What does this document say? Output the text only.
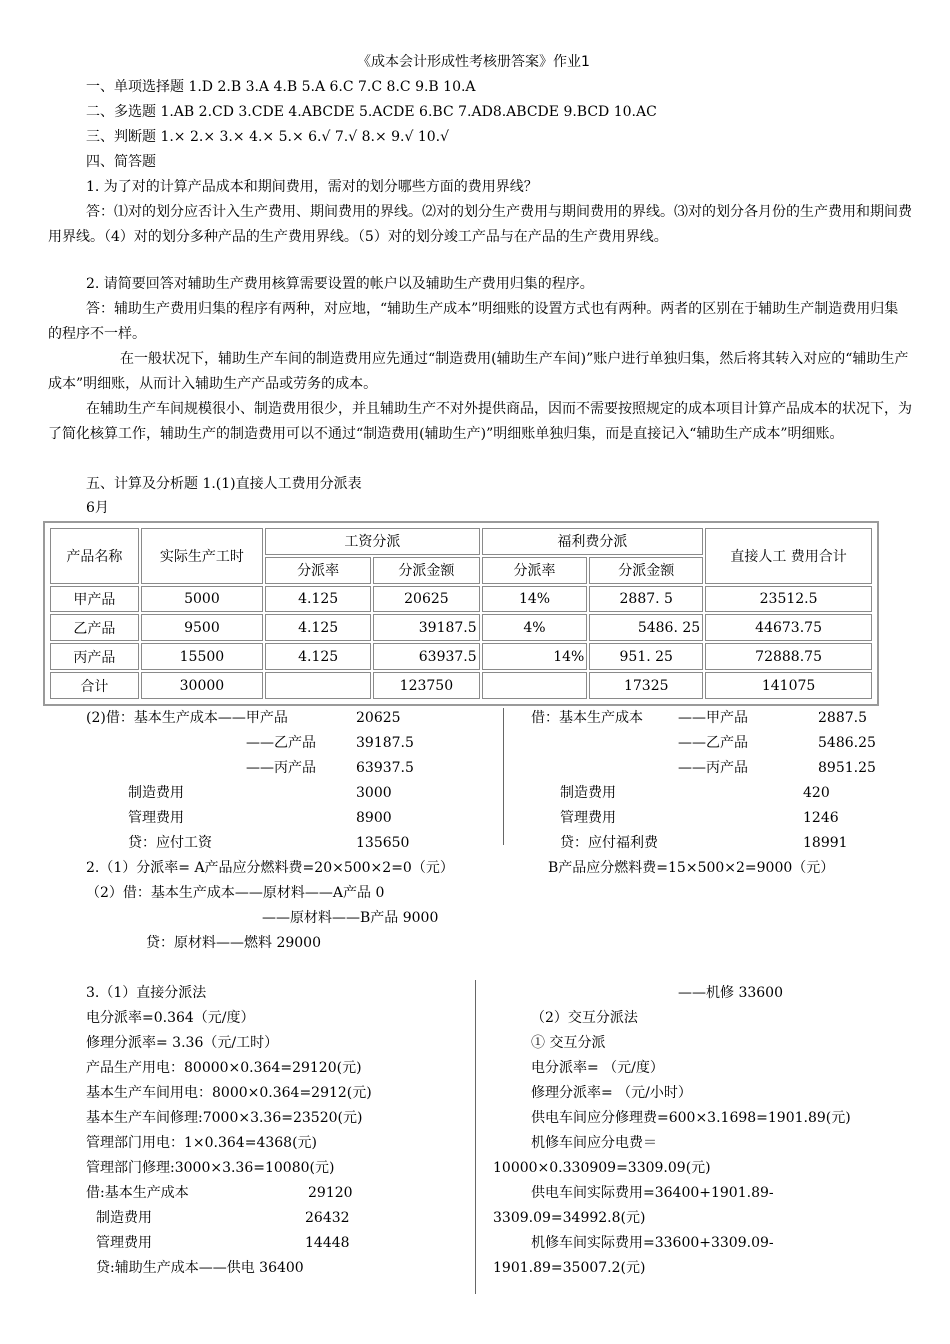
《成本会计形成性考核册答案》作业1
一、单项选择题 1.D 2.B 3.A 4.B 5.A 6.C 7.C 8.C 9.B 10.A
二、多选题 1.AB 2.CD 3.CDE 4.ABCDE 5.ACDE 6.BC 7.AD8.ABCDE 9.BCD 10.AC
三、判断题 1.× 2.× 3.× 4.× 5.× 6.√ 7.√ 8.× 9.√ 10.√
四、简答题
1. 为了对的计算产品成本和期间费用，需对的划分哪些方面的费用界线？
答：⑴对的划分应否计入生产费用、期间费用的界线。⑵对的划分生产费用与期间费用的界线。⑶对的划分各月份的生产费用和期间费用界线。（4）对的划分多种产品的生产费用界线。（5）对的划分竣工产品与在产品的生产费用界线。
2. 请简要回答对辅助生产费用核算需要设置的帐户以及辅助生产费用归集的程序。
答：辅助生产费用归集的程序有两种，对应地，“辅助生产成本”明细账的设置方式也有两种。两者的区别在于辅助生产制造费用归集的程序不一样。
在一般状况下，辅助生产车间的制造费用应先通过“制造费用(辅助生产车间)”账户进行单独归集，然后将其转入对应的“辅助生产成本”明细账，从而计入辅助生产产品或劳务的成本。
在辅助生产车间规模很小、制造费用很少，并且辅助生产不对外提供商品，因而不需要按照规定的成本项目计算产品成本的状况下，为了简化核算工作，辅助生产的制造费用可以不通过“制造费用(辅助生产)”明细账单独归集，而是直接记入“辅助生产成本”明细账。
五、计算及分析题 1.(1)直接人工费用分派表
6月
产品名称	实际生产工时	工资分派		福利费分派		直接人工 费用合计
		分派率	分派金额	分派率	分派金额	
甲产品	5000	4.125	20625	14%	2887. 5	23512.5
乙产品	9500	4.125	39187.5	4%	5486. 25	44673.75
丙产品	15500	4.125	63937.5	14%	951. 25	72888.75
合计	30000		123750		17325	141075
(2)借：基本生产成本——甲产品	20625
——乙产品	39187.5
——丙产品	63937.5
制造费用	3000
管理费用	8900
贷：应付工资	135650
借：基本生产成本	——甲产品	2887.5
——乙产品	5486.25
——丙产品	8951.25
制造费用	420
管理费用	1246
贷：应付福利费	18991
2.（1）分派率= A产品应分燃料费=20×500×2=0（元）	B产品应分燃料费=15×500×2=9000（元）
（2）借：基本生产成本——原材料——A产品 0
——原材料——B产品 9000
贷：原材料——燃料 29000
3.（1）直接分派法
电分派率=0.364（元/度）
修理分派率= 3.36（元/工时）
产品生产用电：80000×0.364=29120(元)
基本生产车间用电：8000×0.364=2912(元)
基本生产车间修理:7000×3.36=23520(元)
管理部门用电：1×0.364=4368(元)
管理部门修理:3000×3.36=10080(元)
借:基本生产成本	29120
制造费用	26432
管理费用	14448
贷:辅助生产成本——供电 36400
——机修 33600
（2）交互分派法
① 交互分派
电分派率= （元/度）
修理分派率= （元/小时）
供电车间应分修理费=600×3.1698=1901.89(元)
机修车间应分电费＝
10000×0.330909=3309.09(元)
供电车间实际费用=36400+1901.89-
3309.09=34992.8(元)
机修车间实际费用=33600+3309.09-
1901.89=35007.2(元)
